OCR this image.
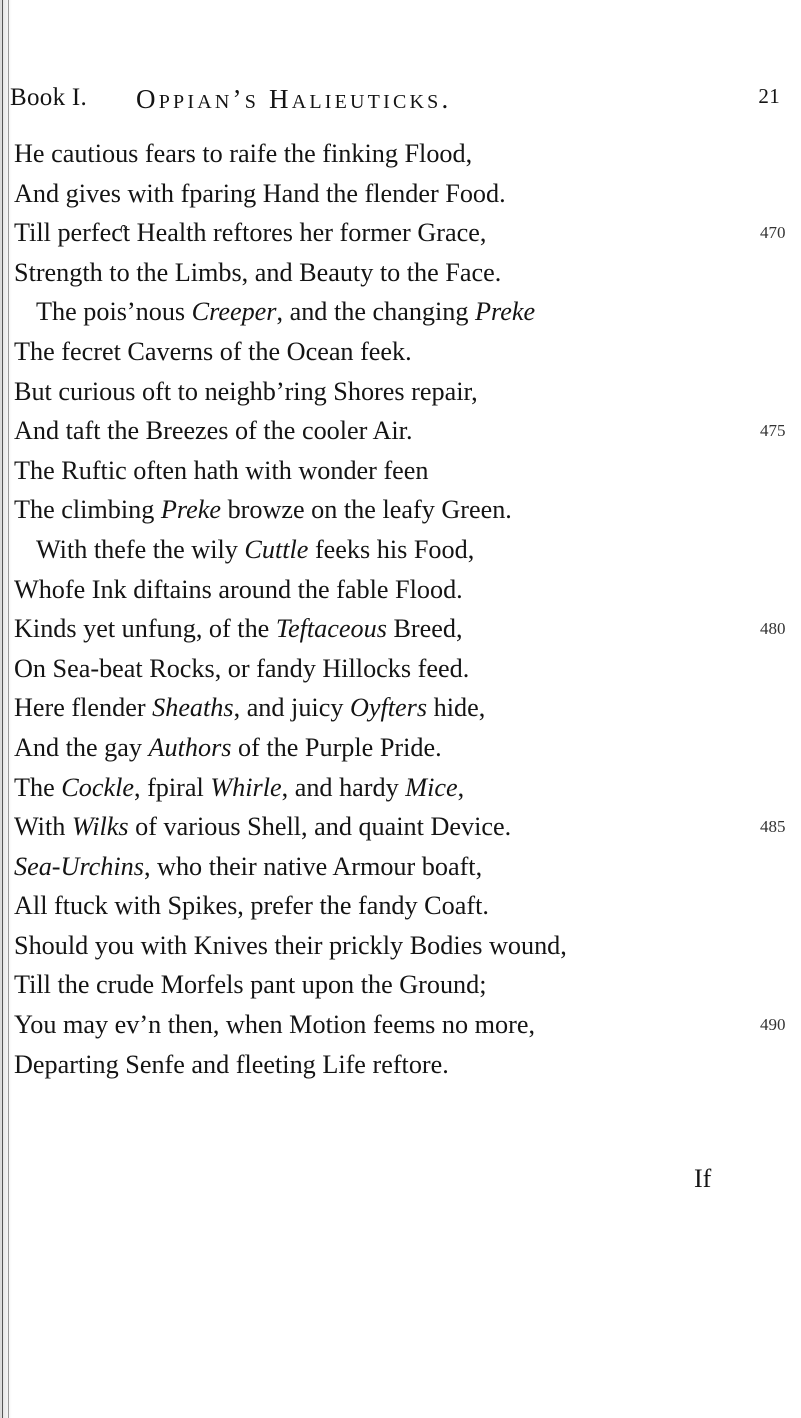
Book I. OPPIAN’S HALIEUTICKS.	21
He cautious fears to raife the finking Flood,
And gives with fparing Hand the flender Food.
Till perfeƈt Health reftores her former Grace,	470
Strength to the Limbs, and Beauty to the Face.
The pois’nous Creeper, and the changing Preke
The fecret Caverns of the Ocean feek.
But curious oft to neighb’ring Shores repair,
And taft the Breezes of the cooler Air.	475
The Ruftic often hath with wonder feen
The climbing Preke browze on the leafy Green.
With thefe the wily Cuttle feeks his Food,
Whofe Ink diftains around the fable Flood.
Kinds yet unfung, of the Teftaceous Breed,	480
On Sea-beat Rocks, or fandy Hillocks feed.
Here flender Sheaths, and juicy Oyfters hide,
And the gay Authors of the Purple Pride.
The Cockle, fpiral Whirle, and hardy Mice,
With Wilks of various Shell, and quaint Device.	485
Sea-Urchins, who their native Armour boaft,
All ftuck with Spikes, prefer the fandy Coaft.
Should you with Knives their prickly Bodies wound,
Till the crude Morfels pant upon the Ground;
You may ev’n then, when Motion feems no more,	490
Departing Senfe and fleeting Life reftore.
If
